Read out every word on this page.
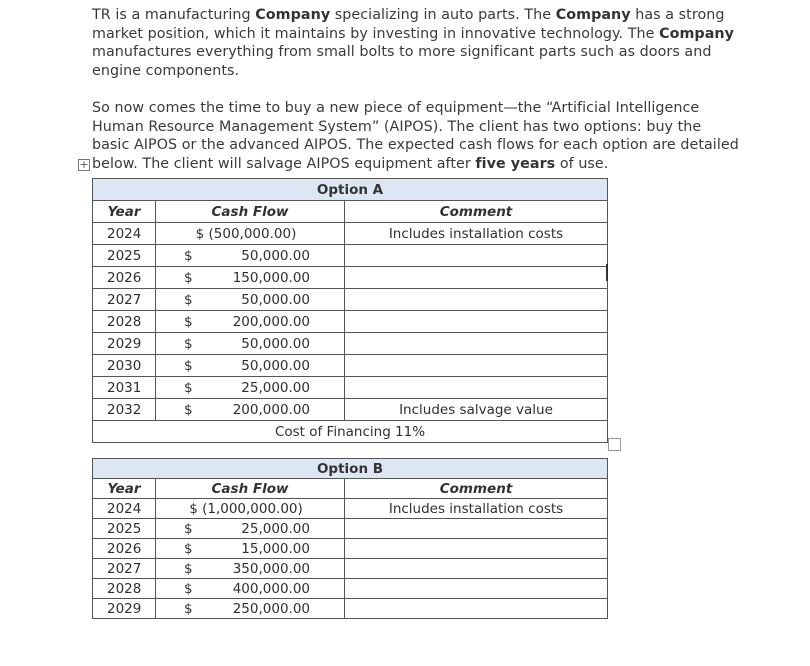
TR is a manufacturing Company specializing in auto parts. The Company has a strong market position, which it maintains by investing in innovative technology. The Company manufactures everything from small bolts to more significant parts such as doors and engine components.

So now comes the time to buy a new piece of equipment—the “Artificial Intelligence Human Resource Management System” (AIPOS). The client has two options: buy the basic AIPOS or the advanced AIPOS. The expected cash flows for each option are detailed below. The client will salvage AIPOS equipment after five years of use.

+
Option A		
Year	Cash Flow	Comment
2024	$ (500,000.00)	Includes installation costs
2025	$ 50,000.00	

2026	$ 150,000.00	

2027	$ 50,000.00	

2028	$ 200,000.00	

2029	$ 50,000.00	

2030	$ 50,000.00	

2031	$ 25,000.00	

2032	$ 200,000.00	Includes salvage value
Cost of Financing 11%		
Option B		
Year	Cash Flow	Comment
2024	$ (1,000,000.00)	Includes installation costs
2025	$ 25,000.00	

2026	$ 15,000.00	

2027	$ 350,000.00	

2028	$ 400,000.00	

2029	$ 250,000.00	
